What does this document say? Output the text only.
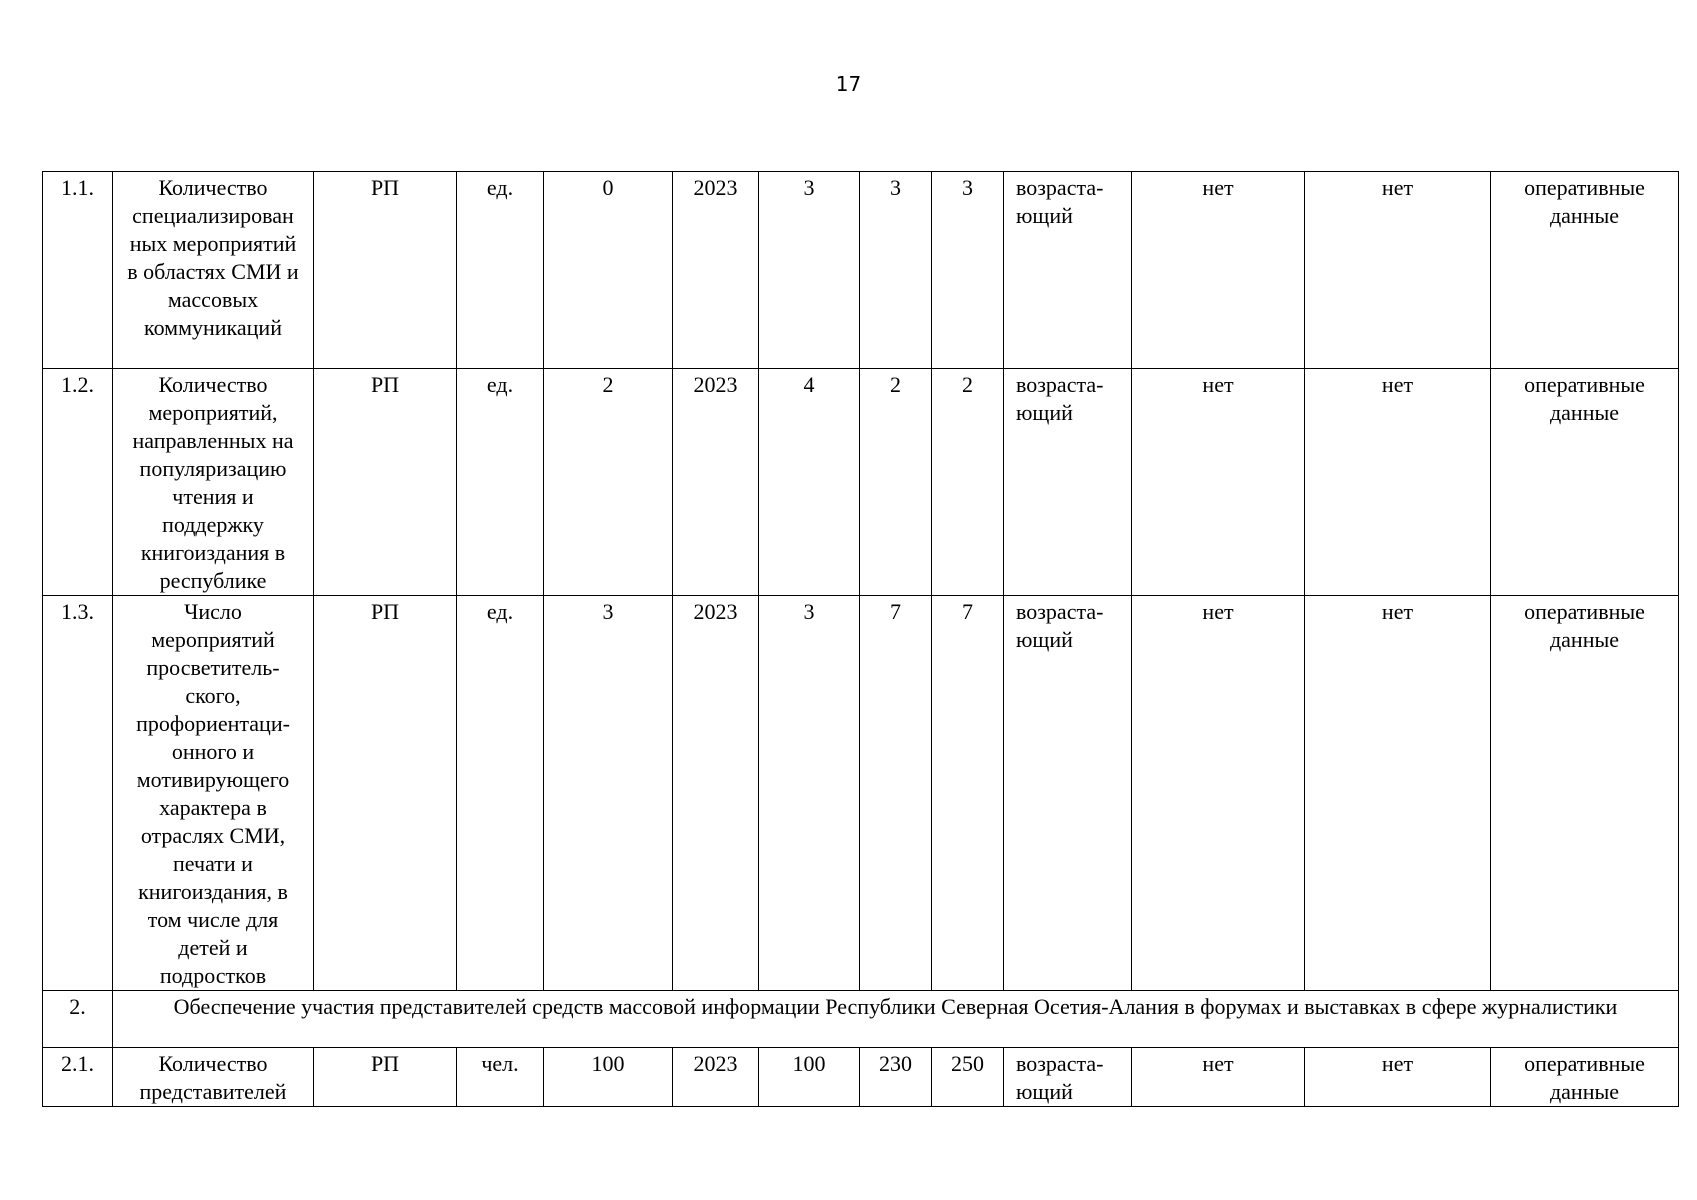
17
1.1.	Количество специализирован ных мероприятий в областях СМИ и массовых коммуникаций	РП	ед.	0	2023	3	3	3	возраста-ющий	нет	нет	оперативные данные
1.2.	Количество мероприятий, направленных на популяризацию чтения и поддержку книгоиздания в республике	РП	ед.	2	2023	4	2	2	возраста-ющий	нет	нет	оперативные данные
1.3.	Число мероприятий просветитель-ского, профориентаци-онного и мотивирующего характера в отраслях СМИ, печати и книгоиздания, в том числе для детей и подростков	РП	ед.	3	2023	3	7	7	возраста-ющий	нет	нет	оперативные данные
2.	Обеспечение участия представителей средств массовой информации Республики Северная Осетия-Алания в форумах и выставках в сфере журналистики											
2.1.	Количество представителей	РП	чел.	100	2023	100	230	250	возраста-ющий	нет	нет	оперативные данные
